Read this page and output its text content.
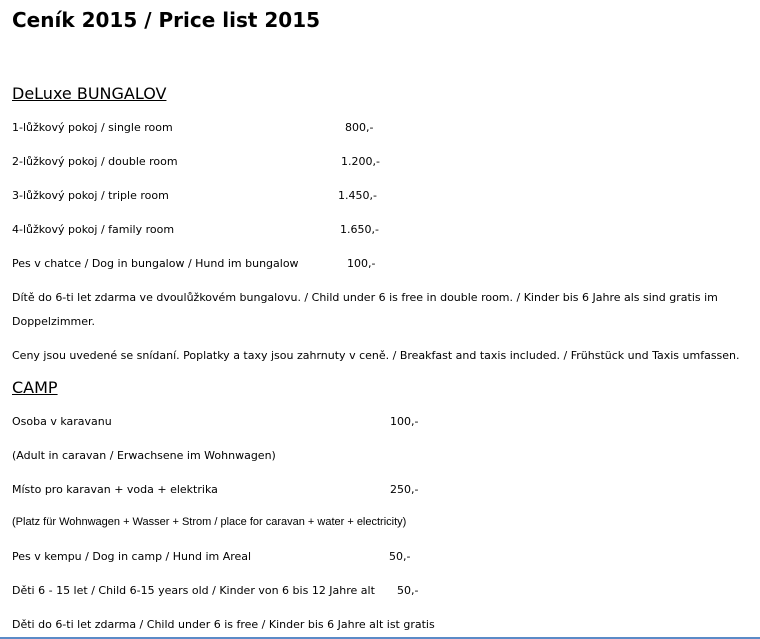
Ceník 2015 / Price list 2015
DeLuxe BUNGALOV
1-lůžkový pokoj / single room	800,-
2-lůžkový pokoj / double room	1.200,-
3-lůžkový pokoj / triple room	1.450,-
4-lůžkový pokoj / family room	1.650,-
Pes v chatce / Dog in bungalow / Hund im bungalow	100,-
Dítě do 6-ti let zdarma ve dvoulůžkovém bungalovu. / Child under 6 is free in double room. / Kinder bis 6 Jahre als sind gratis im Doppelzimmer.
Ceny jsou uvedené se snídaní. Poplatky a taxy jsou zahrnuty v ceně. / Breakfast and taxis included. / Frühstück und Taxis umfassen.
CAMP
Osoba v karavanu	100,-
(Adult in caravan / Erwachsene im Wohnwagen)
Místo pro karavan + voda + elektrika	250,-
(Platz für Wohnwagen + Wasser + Strom / place for caravan + water + electricity)
Pes v kempu / Dog in camp / Hund im Areal	50,-
Děti 6 - 15 let / Child 6-15 years old / Kinder von 6 bis 12 Jahre alt 50,-
Děti do 6-ti let zdarma / Child under 6 is free / Kinder bis 6 Jahre alt ist gratis
